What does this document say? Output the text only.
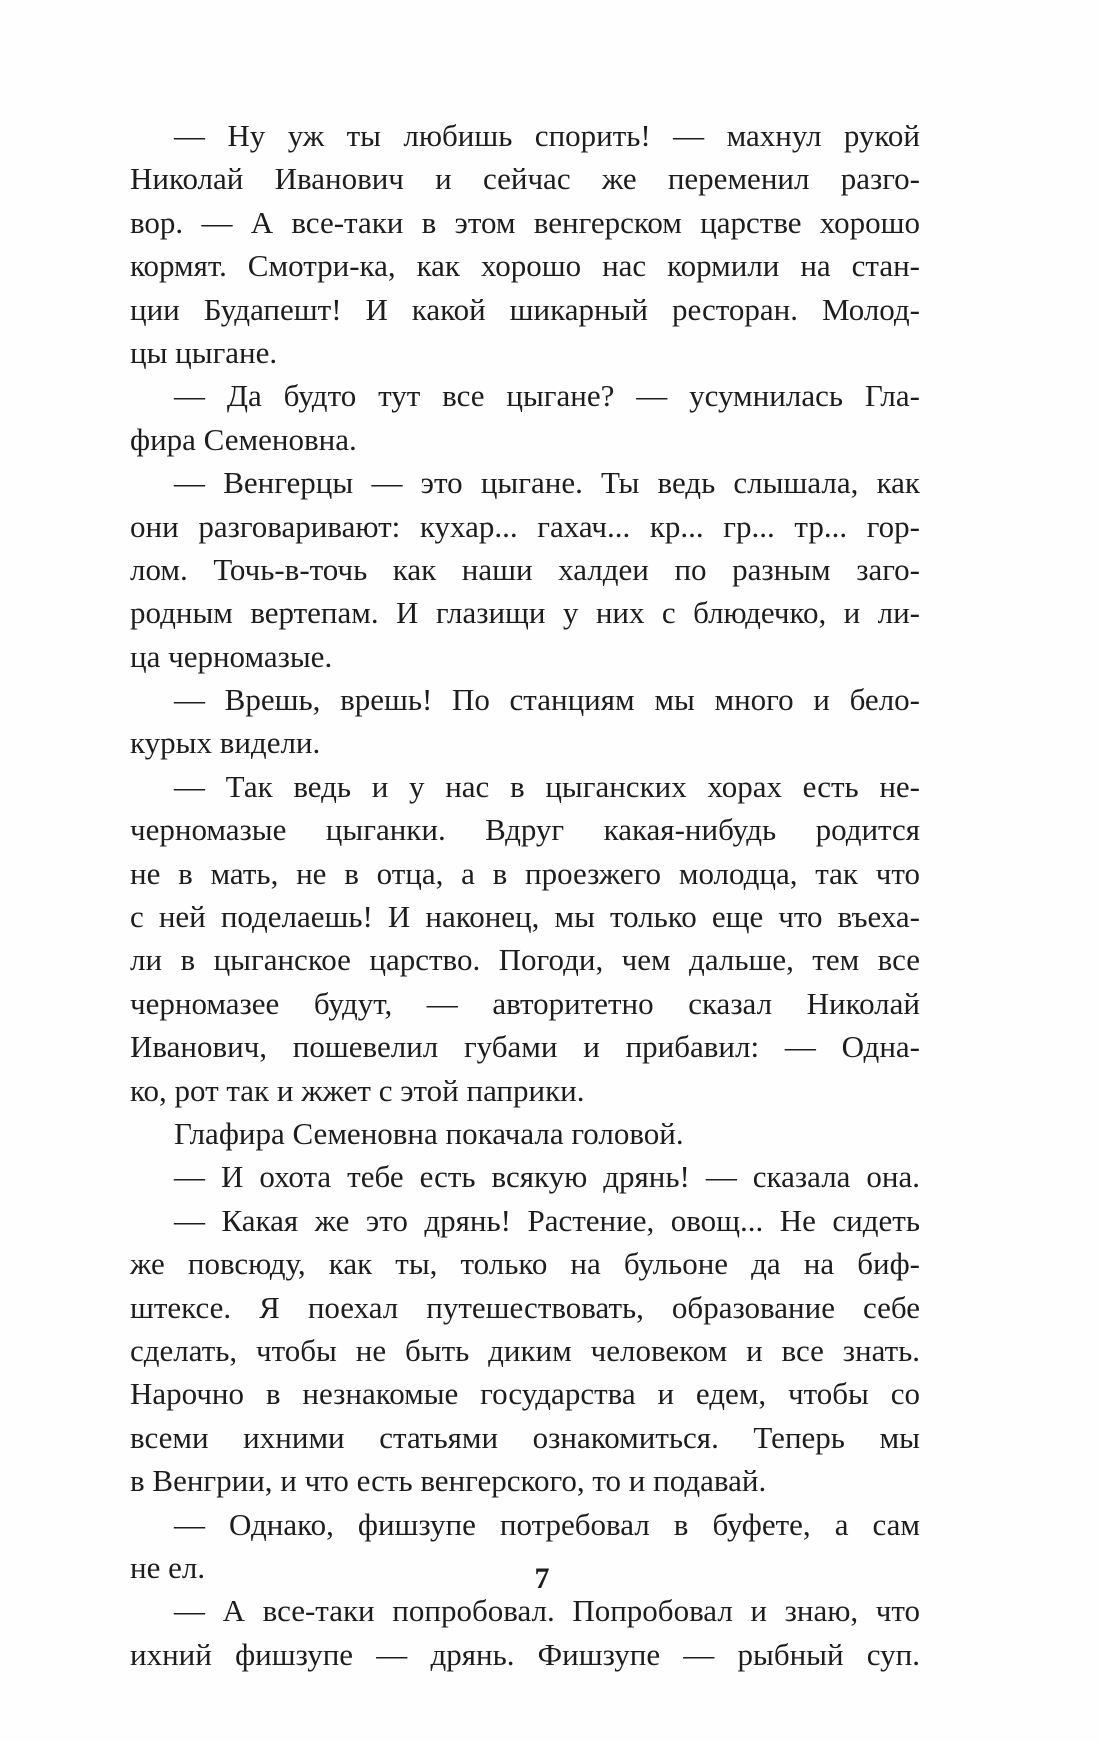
— Ну уж ты любишь спорить! — махнул рукой
Николай Иванович и сейчас же переменил разго-
вор. — А все-таки в этом венгерском царстве хорошо
кормят. Смотри-ка, как хорошо нас кормили на стан-
ции Будапешт! И какой шикарный ресторан. Молод-
цы цыгане.
— Да будто тут все цыгане? — усумнилась Гла-
фира Семеновна.
— Венгерцы — это цыгане. Ты ведь слышала, как
они разговаривают: кухар... гахач... кр... гр... тр... гор-
лом. Точь-в-точь как наши халдеи по разным заго-
родным вертепам. И глазищи у них с блюдечко, и ли-
ца черномазые.
— Врешь, врешь! По станциям мы много и бело-
курых видели.
— Так ведь и у нас в цыганских хорах есть не-
черномазые цыганки. Вдруг какая-нибудь родится
не в мать, не в отца, а в проезжего молодца, так что
с ней поделаешь! И наконец, мы только еще что въеха-
ли в цыганское царство. Погоди, чем дальше, тем все
черномазее будут, — авторитетно сказал Николай
Иванович, пошевелил губами и прибавил: — Одна-
ко, рот так и жжет с этой паприки.
Глафира Семеновна покачала головой.
— И охота тебе есть всякую дрянь! — сказала она.
— Какая же это дрянь! Растение, овощ... Не сидеть
же повсюду, как ты, только на бульоне да на биф-
штексе. Я поехал путешествовать, образование себе
сделать, чтобы не быть диким человеком и все знать.
Нарочно в незнакомые государства и едем, чтобы со
всеми ихними статьями ознакомиться. Теперь мы
в Венгрии, и что есть венгерского, то и подавай.
— Однако, фишзупе потребовал в буфете, а сам
не ел.
— А все-таки попробовал. Попробовал и знаю, что
ихний фишзупе — дрянь. Фишзупе — рыбный суп.
7
